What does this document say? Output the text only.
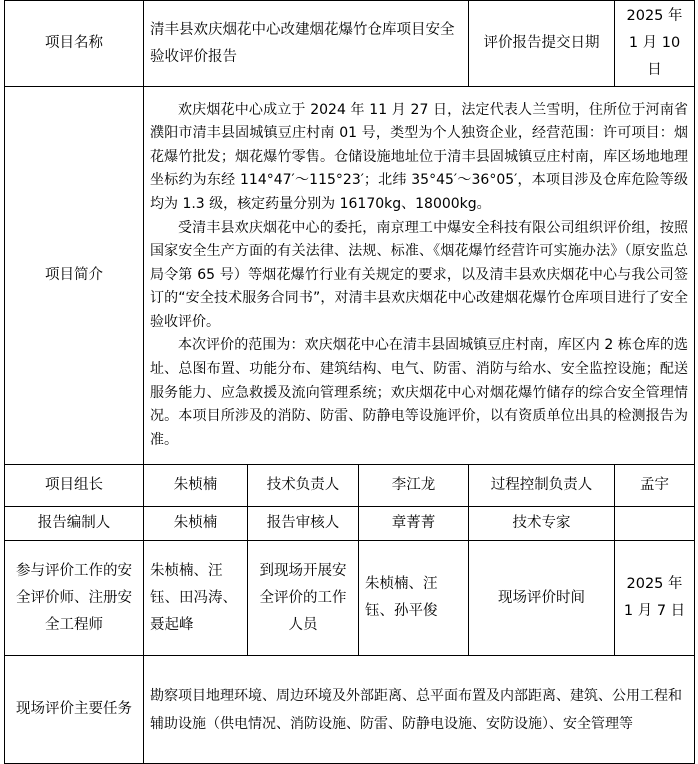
项目名称	清丰县欢庆烟花中心改建烟花爆竹仓库项目安全验收评价报告			评价报告提交日期	2025 年 1 月 10 日
项目简介	欢庆烟花中心成立于 2024 年 11 月 27 日，法定代表人兰雪明，住所位于河南省濮阳市清丰县固城镇豆庄村南 01 号，类型为个人独资企业，经营范围：许可项目：烟花爆竹批发；烟花爆竹零售。仓储设施地址位于清丰县固城镇豆庄村南，库区场地地理坐标约为东经 114°47′～115°23′；北纬 35°45′～36°05′，本项目涉及仓库危险等级均为 1.3 级，核定药量分别为 16170kg、18000kg。

受清丰县欢庆烟花中心的委托，南京理工中爆安全科技有限公司组织评价组，按照国家安全生产方面的有关法律、法规、标准、《烟花爆竹经营许可实施办法》（原安监总局令第 65 号）等烟花爆竹行业有关规定的要求，以及清丰县欢庆烟花中心与我公司签订的“安全技术服务合同书”，对清丰县欢庆烟花中心改建烟花爆竹仓库项目进行了安全验收评价。

本次评价的范围为：欢庆烟花中心在清丰县固城镇豆庄村南，库区内 2 栋仓库的选址、总图布置、功能分布、建筑结构、电气、防雷、消防与给水、安全监控设施；配送服务能力、应急救援及流向管理系统；欢庆烟花中心对烟花爆竹储存的综合安全管理情况。本项目所涉及的消防、防雷、防静电等设施评价，以有资质单位出具的检测报告为准。				

项目组长	朱桢楠	技术负责人	李江龙	过程控制负责人	孟宇
报告编制人	朱桢楠	报告审核人	章菁菁	技术专家	
参与评价工作的安全评价师、注册安全工程师	朱桢楠、汪钰、田冯涛、聂起峰	到现场开展安全评价的工作人员	朱桢楠、汪钰、孙平俊	现场评价时间	2025 年 1 月 7 日
现场评价主要任务	勘察项目地理环境、周边环境及外部距离、总平面布置及内部距离、建筑、公用工程和辅助设施（供电情况、消防设施、防雷、防静电设施、安防设施）、安全管理等				
